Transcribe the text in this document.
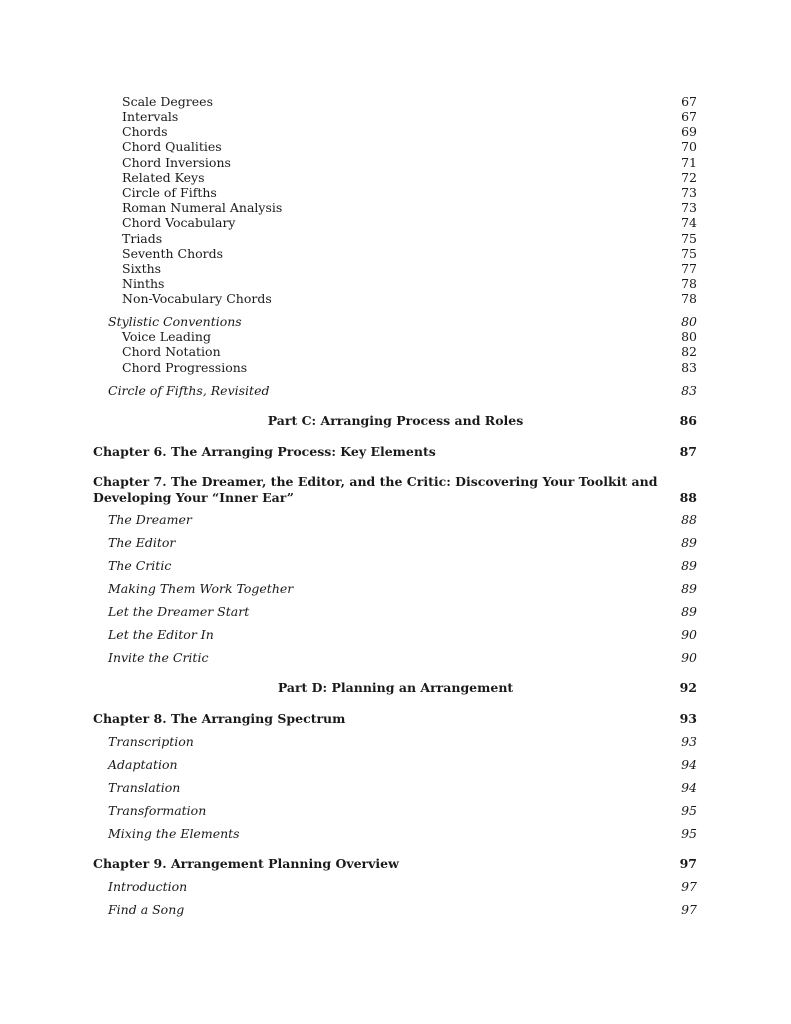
Scale Degrees	67
Intervals	67
Chords	69
Chord Qualities	70
Chord Inversions	71
Related Keys	72
Circle of Fifths	73
Roman Numeral Analysis	73
Chord Vocabulary	74
Triads	75
Seventh Chords	75
Sixths	77
Ninths	78
Non-Vocabulary Chords	78
Stylistic Conventions	80
Voice Leading	80
Chord Notation	82
Chord Progressions	83
Circle of Fifths, Revisited	83
Part C: Arranging Process and Roles	86
Chapter 6. The Arranging Process: Key Elements	87
Chapter 7. The Dreamer, the Editor, and the Critic: Discovering Your Toolkit and Developing Your “Inner Ear”	88
The Dreamer	88
The Editor	89
The Critic	89
Making Them Work Together	89
Let the Dreamer Start	89
Let the Editor In	90
Invite the Critic	90
Part D: Planning an Arrangement	92
Chapter 8. The Arranging Spectrum	93
Transcription	93
Adaptation	94
Translation	94
Transformation	95
Mixing the Elements	95
Chapter 9. Arrangement Planning Overview	97
Introduction	97
Find a Song	97
